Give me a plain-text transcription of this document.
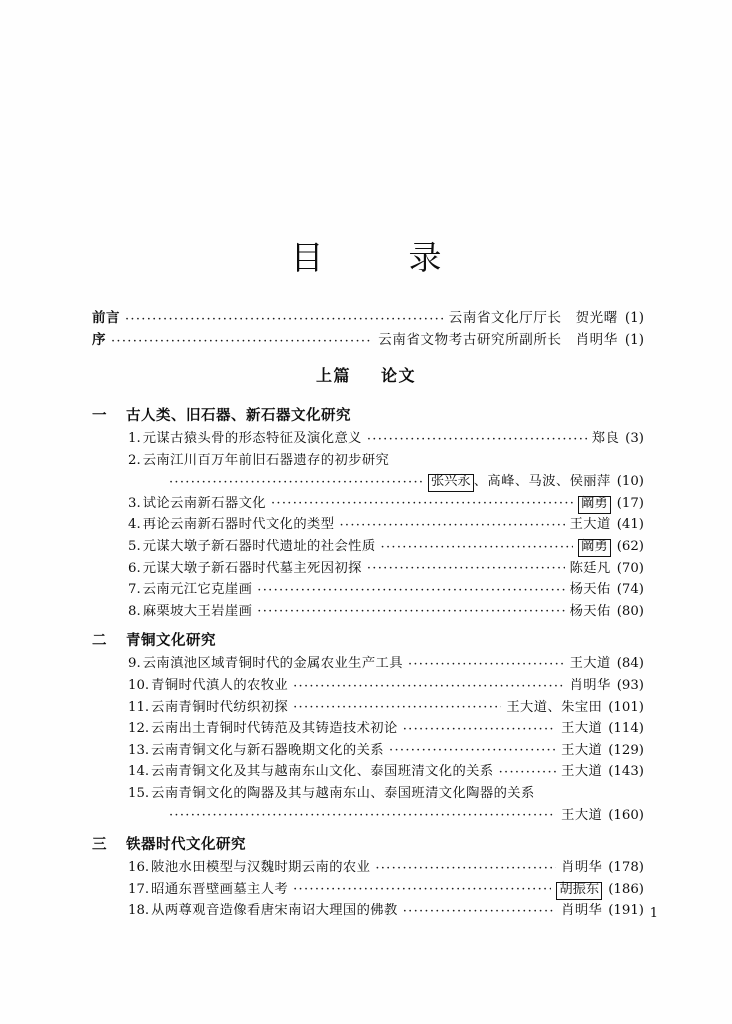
目　录
前言 ·····	云南省文化厅厅长 贺光曙 (1)
序 ·····	云南省文物考古研究所副所长 肖明华 (1)
上篇 论文
一	古人类、旧石器、新石器文化研究
1. 元谋古猿头骨的形态特征及演化意义 ·····	郑良 (3)
2. 云南江川百万年前旧石器遗存的初步研究
·····
张兴永 、高峰、马波、侯丽萍 (10)
3. 试论云南新石器文化 ·····	阚勇 (17)
4. 再论云南新石器时代文化的类型 ·····	王大道 (41)
5. 元谋大墩子新石器时代遗址的社会性质 ·····	阚勇 (62)
6. 元谋大墩子新石器时代墓主死因初探 ·····	陈廷凡 (70)
7. 云南元江它克崖画 ·····	杨天佑 (74)
8. 麻栗坡大王岩崖画 ·····	杨天佑 (80)
二	青铜文化研究
9. 云南滇池区域青铜时代的金属农业生产工具 ·····	王大道 (84)
10. 青铜时代滇人的农牧业 ·····	肖明华 (93)
11. 云南青铜时代纺织初探 ·····	王大道、朱宝田 (101)
12. 云南出土青铜时代铸范及其铸造技术初论 ·····	王大道 (114)
13. 云南青铜文化与新石器晚期文化的关系 ·····	王大道 (129)
14. 云南青铜文化及其与越南东山文化、泰国班清文化的关系 ·····	王大道 (143)
15. 云南青铜文化的陶器及其与越南东山、泰国班清文化陶器的关系
·····
王大道 (160)
三	铁器时代文化研究
16. 陂池水田模型与汉魏时期云南的农业 ·····	肖明华 (178)
17. 昭通东晋壁画墓主人考 ·····	胡振东 (186)
18. 从两尊观音造像看唐宋南诏大理国的佛教 ·····	肖明华 (191) 1
